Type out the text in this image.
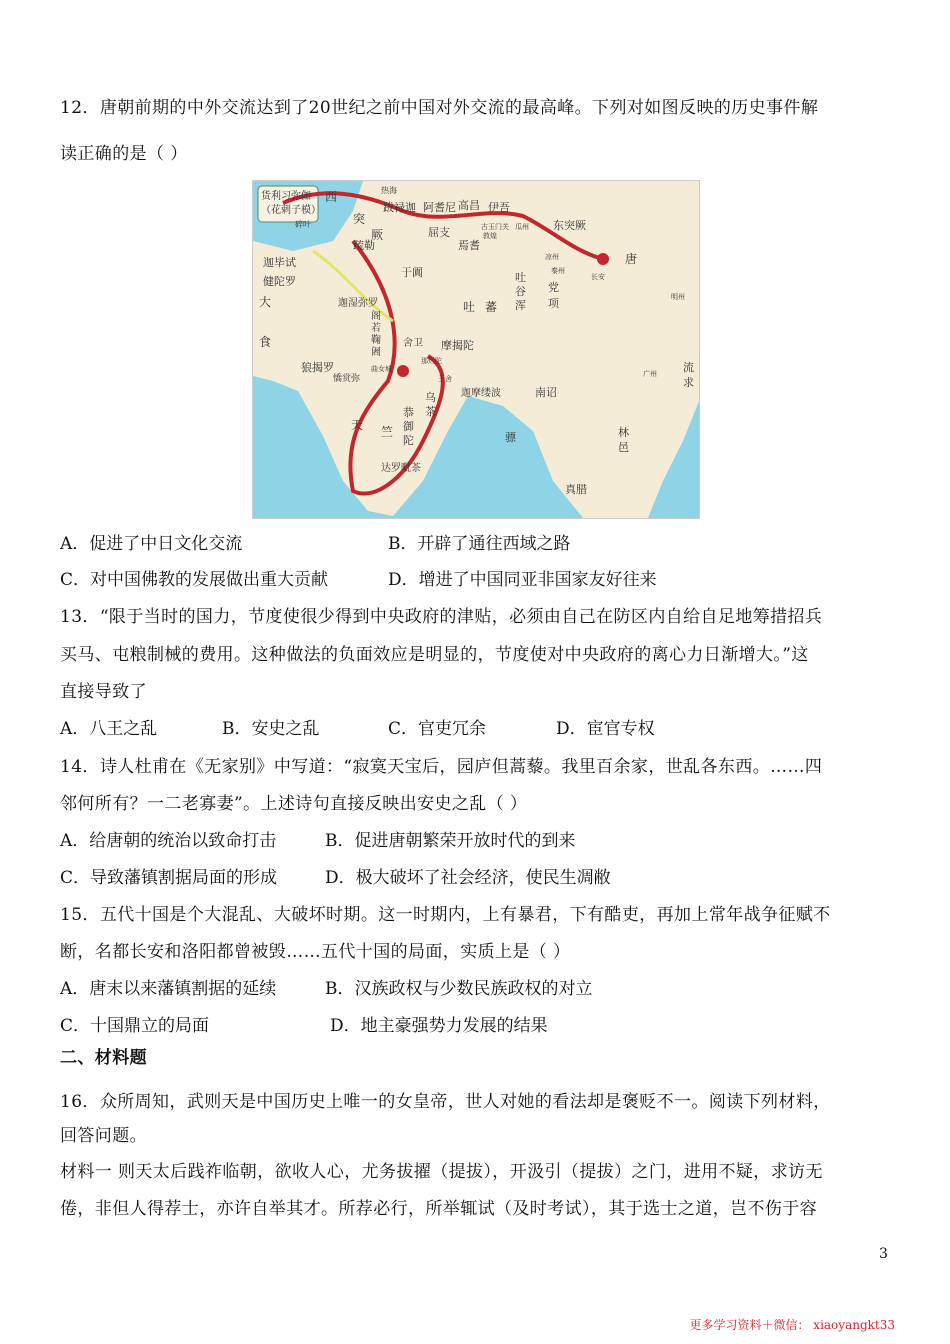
12．唐朝前期的中外交流达到了20世纪之前中国对外交流的最高峰。下列对如图反映的历史事件解
读正确的是（ ）
货利习弥伽
（花剌子模）
西
突
厥
碎叶
热海
跋禄迦 阿耆尼 高昌 伊吾
东突厥
屈支
焉耆
敦煌
古玉门关 瓜州
凉州
疏勒
迦毕试
健陀罗
大
食
于阗
迦湿弥罗
阁
若
鞠
阇
吐
谷
浑
吐 蕃
党
项
唐
长安
秦州
明州
狼揭罗
憍赏弥
摩揭陀
那烂陀
王舍
曲女城
舍卫
天 竺
恭
御
陀
乌
茶
达罗毗茶
迦摩缕波
骠
南诏
广州 流
求
林
邑
真腊
A．促进了中日文化交流	B．开辟了通往西域之路
C．对中国佛教的发展做出重大贡献	D．增进了中国同亚非国家友好往来
13．“限于当时的国力，节度使很少得到中央政府的津贴，必须由自己在防区内自给自足地筹措招兵
买马、屯粮制械的费用。这种做法的负面效应是明显的，节度使对中央政府的离心力日渐增大。”这
直接导致了
A．八王之乱	B．安史之乱	C．官吏冗余	D．宦官专权
14．诗人杜甫在《无家别》中写道：“寂寞天宝后，园庐但蒿藜。我里百余家，世乱各东西。……四
邻何所有？一二老寡妻”。上述诗句直接反映出安史之乱（ ）
A．给唐朝的统治以致命打击	B．促进唐朝繁荣开放时代的到来
C．导致藩镇割据局面的形成	D．极大破坏了社会经济，使民生凋敝
15．五代十国是个大混乱、大破坏时期。这一时期内，上有暴君，下有酷吏，再加上常年战争征赋不
断，名都长安和洛阳都曾被毁……五代十国的局面，实质上是（ ）
A．唐末以来藩镇割据的延续	B．汉族政权与少数民族政权的对立
C．十国鼎立的局面	D．地主豪强势力发展的结果
二、材料题
16．众所周知，武则天是中国历史上唯一的女皇帝，世人对她的看法却是褒贬不一。阅读下列材料，
回答问题。
材料一 则天太后践祚临朝，欲收人心，尤务拔擢（提拔），开汲引（提拔）之门，进用不疑，求访无
倦，非但人得荐士，亦许自举其才。所荐必行，所举辄试（及时考试），其于选士之道，岂不伤于容
3
更多学习资料＋微信： xiaoyangkt33
